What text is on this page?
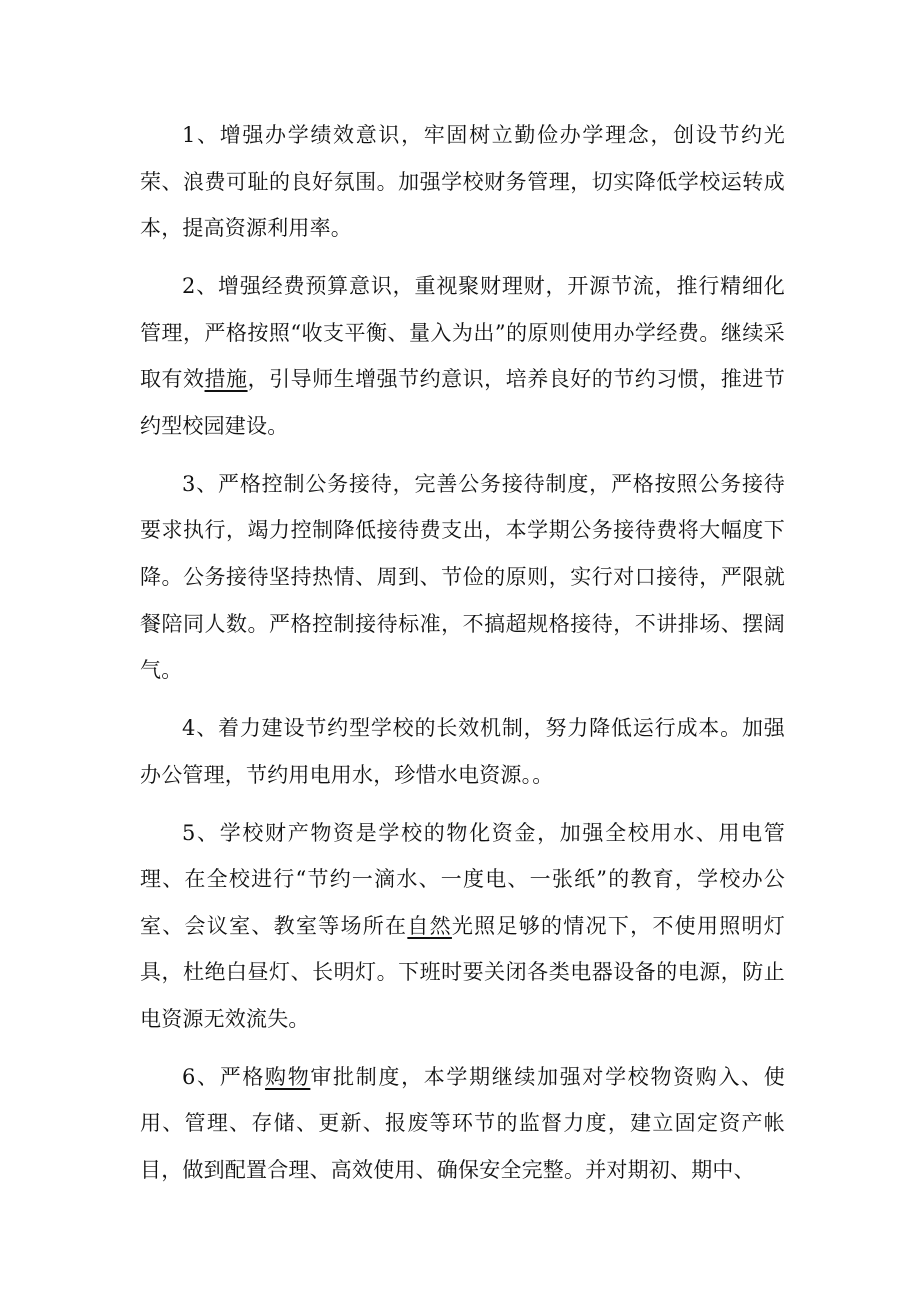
1、增强办学绩效意识，牢固树立勤俭办学理念，创设节约光荣、浪费可耻的良好氛围。加强学校财务管理，切实降低学校运转成本，提高资源利用率。

2、增强经费预算意识，重视聚财理财，开源节流，推行精细化管理，严格按照“收支平衡、量入为出”的原则使用办学经费。继续采取有效措施，引导师生增强节约意识，培养良好的节约习惯，推进节约型校园建设。

3、严格控制公务接待，完善公务接待制度，严格按照公务接待要求执行，竭力控制降低接待费支出，本学期公务接待费将大幅度下降。公务接待坚持热情、周到、节俭的原则，实行对口接待，严限就餐陪同人数。严格控制接待标准，不搞超规格接待，不讲排场、摆阔气。

4、着力建设节约型学校的长效机制，努力降低运行成本。加强办公管理，节约用电用水，珍惜水电资源。。

5、学校财产物资是学校的物化资金，加强全校用水、用电管理、在全校进行“节约一滴水、一度电、一张纸”的教育，学校办公室、会议室、教室等场所在自然光照足够的情况下，不使用照明灯具，杜绝白昼灯、长明灯。下班时要关闭各类电器设备的电源，防止电资源无效流失。

6、严格购物审批制度，本学期继续加强对学校物资购入、使用、管理、存储、更新、报废等环节的监督力度，建立固定资产帐目，做到配置合理、高效使用、确保安全完整。并对期初、期中、
